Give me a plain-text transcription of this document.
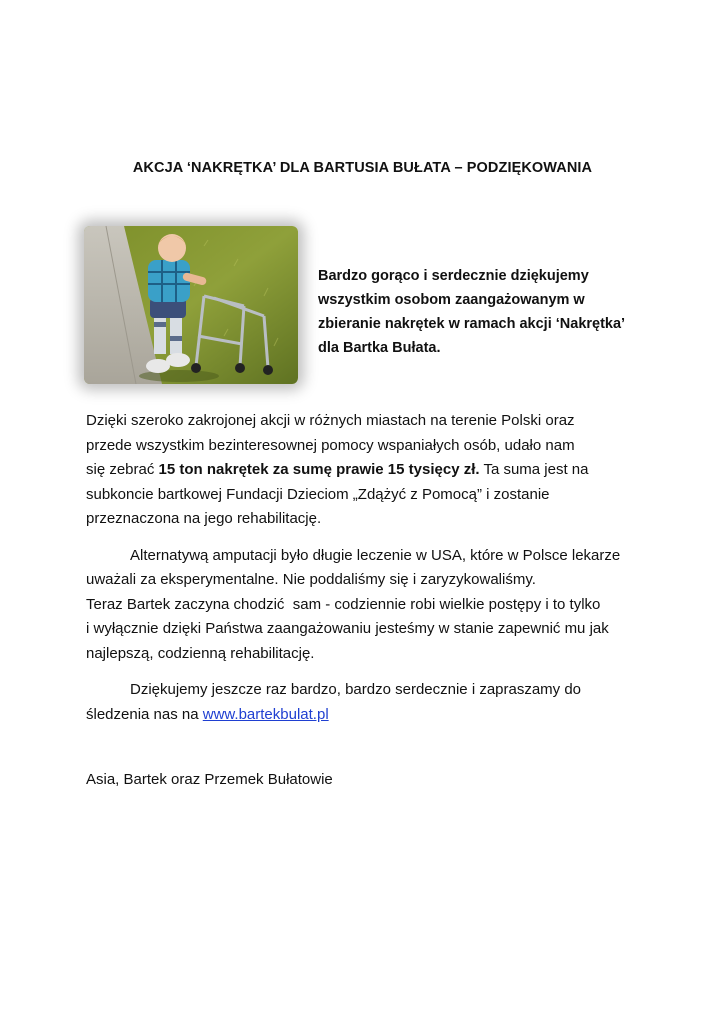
AKCJA ‘NAKRĘTKA’ DLA BARTUSIA BUŁATA – PODZIĘKOWANIA
Bardzo gorąco i serdecznie dziękujemy
wszystkim osobom zaangażowanym w
zbieranie nakrętek w ramach akcji ‘Nakrętka’
dla Bartka Bułata.
Dzięki szeroko zakrojonej akcji w różnych miastach na terenie Polski oraz
przede wszystkim bezinteresownej pomocy wspaniałych osób, udało nam
się zebrać 15 ton nakrętek za sumę prawie 15 tysięcy zł. Ta suma jest na
subkoncie bartkowej Fundacji Dzieciom „Zdążyć z Pomocą” i zostanie
przeznaczona na jego rehabilitację.
Alternatywą amputacji było długie leczenie w USA, które w Polsce lekarze
uważali za eksperymentalne. Nie poddaliśmy się i zaryzykowaliśmy.
Teraz Bartek zaczyna chodzić  sam - codziennie robi wielkie postępy i to tylko
i wyłącznie dzięki Państwa zaangażowaniu jesteśmy w stanie zapewnić mu jak
najlepszą, codzienną rehabilitację.
Dziękujemy jeszcze raz bardzo, bardzo serdecznie i zapraszamy do
śledzenia nas na www.bartekbulat.pl
Asia, Bartek oraz Przemek Bułatowie
